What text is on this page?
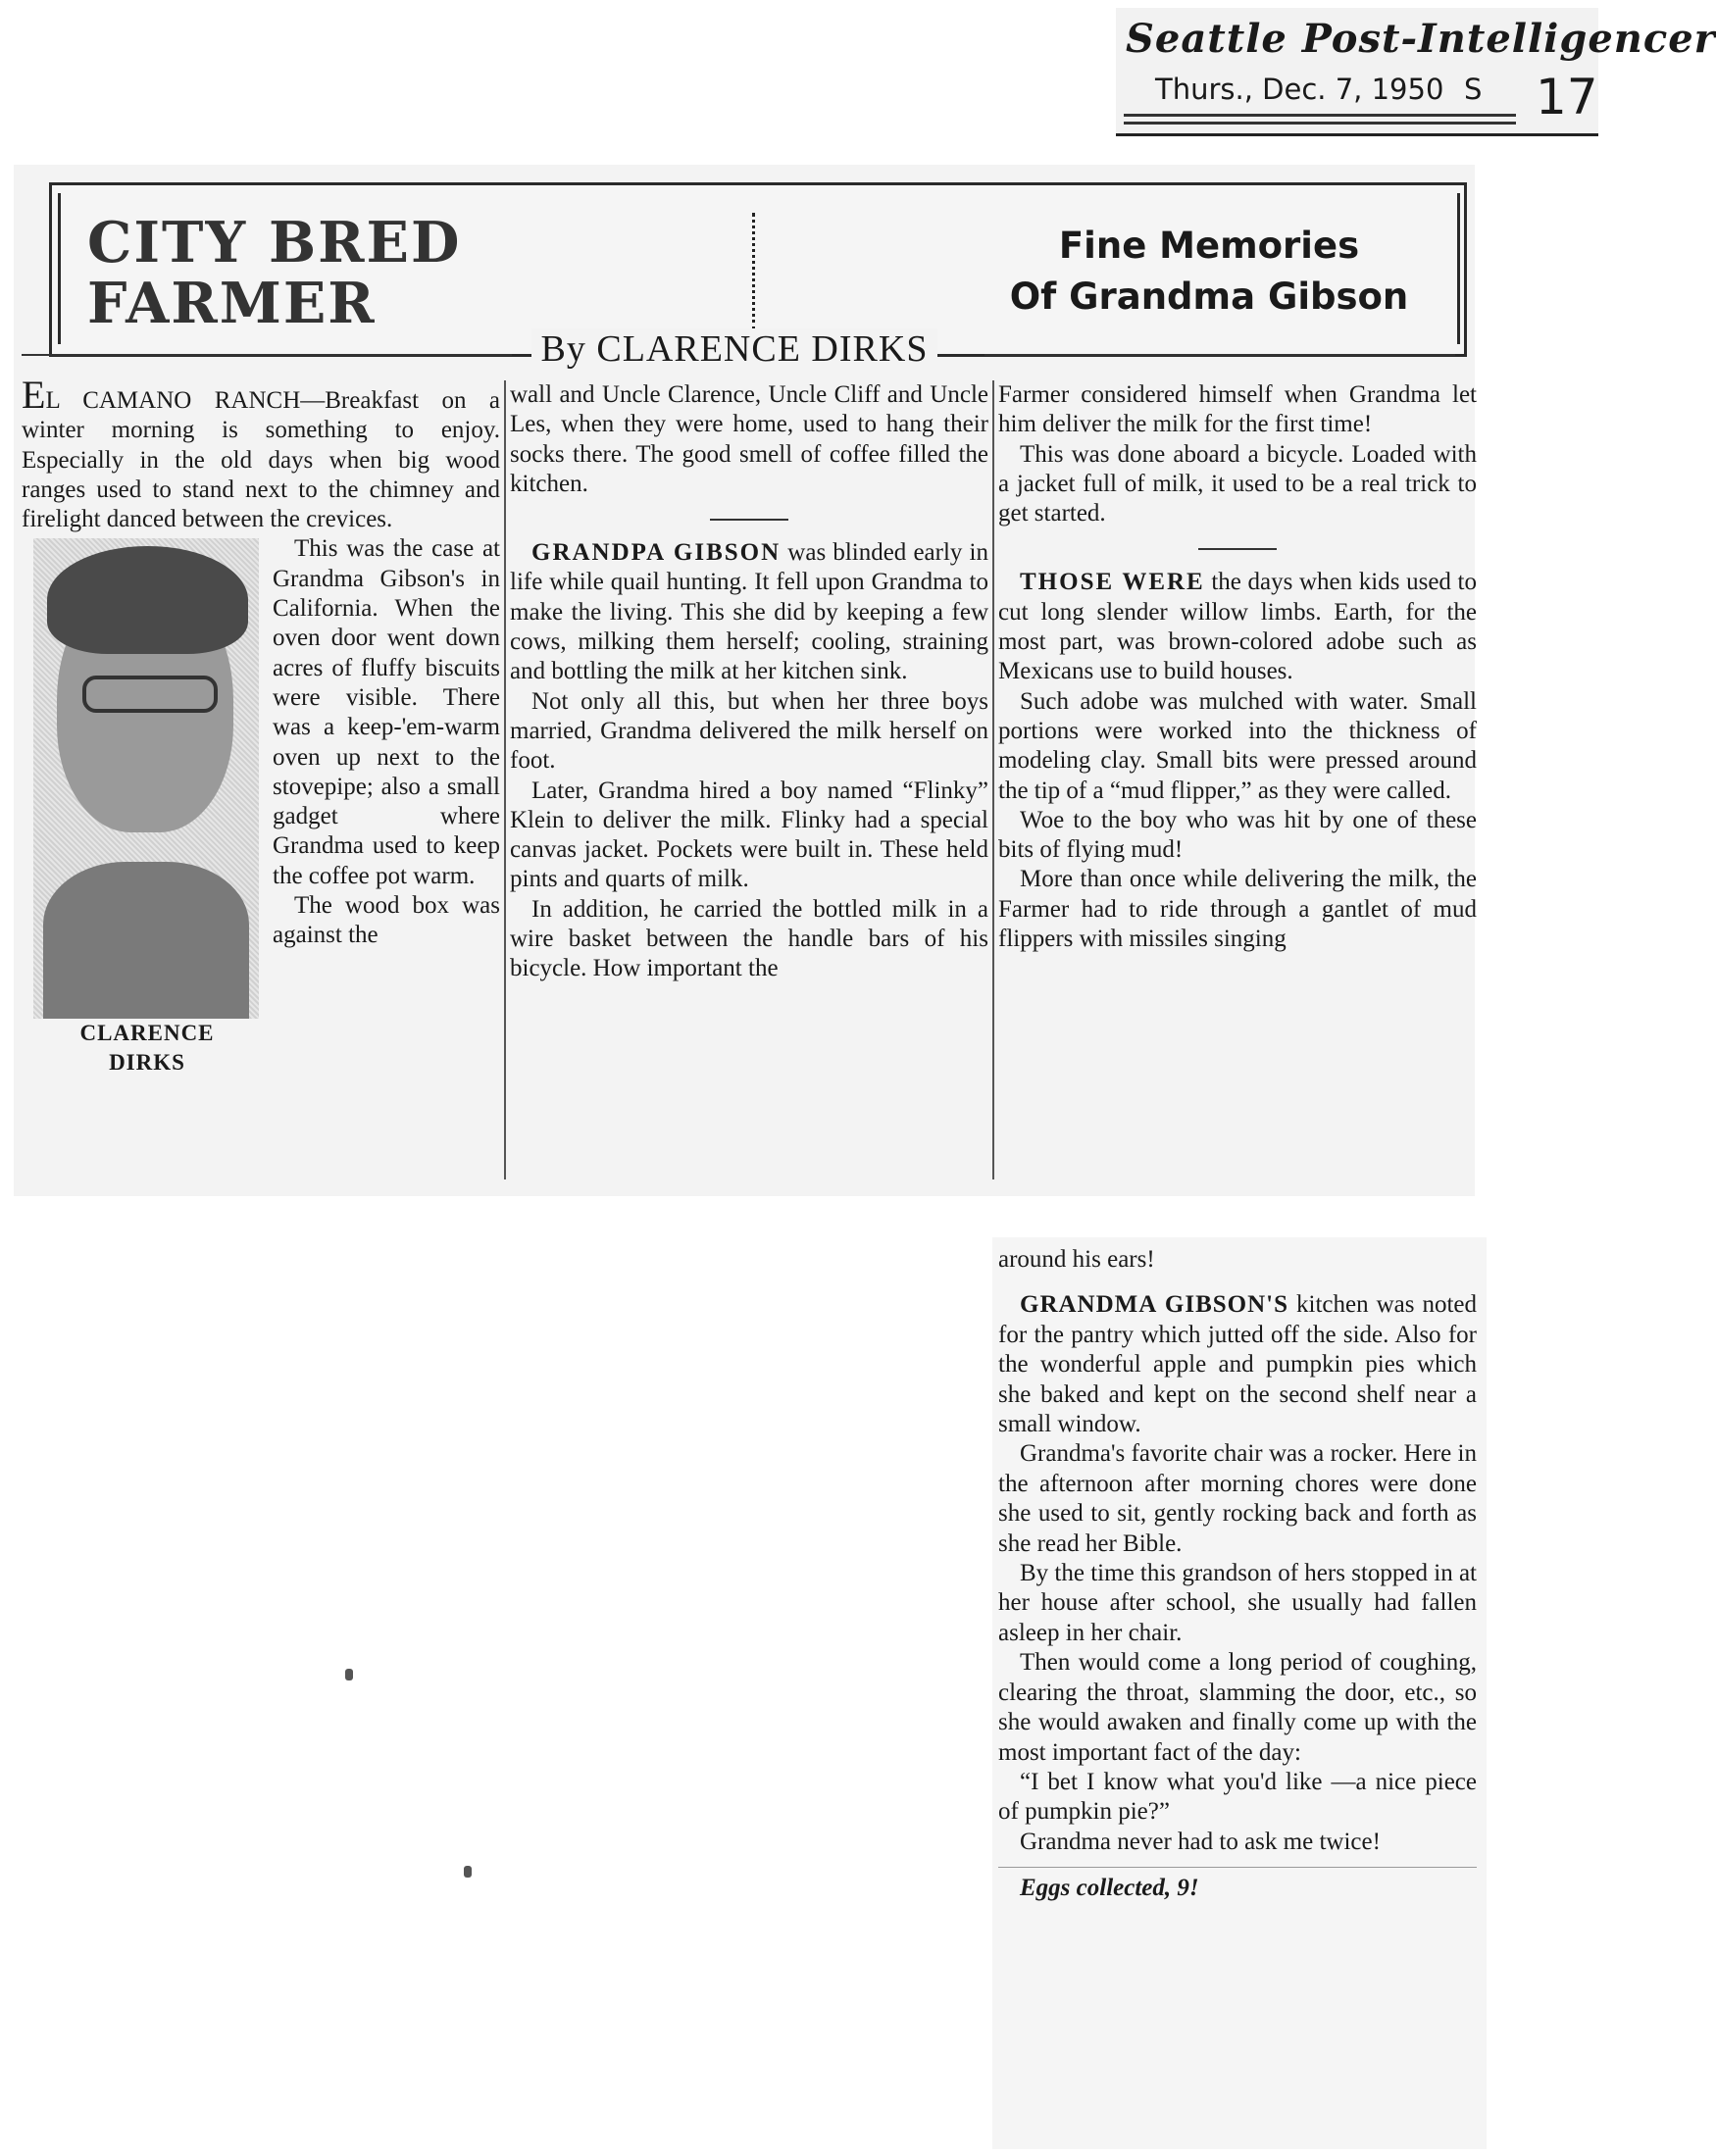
Seattle Post-Intelligencer
Thurs., Dec. 7, 1950 S 17
CITY BRED
FARMER
Fine Memories
Of Grandma Gibson
By CLARENCE DIRKS

EL CAMANO RANCH—Breakfast on a winter morning is something to enjoy. Especially in the old days when big wood ranges used to stand next to the chimney and firelight danced between the crevices.

CLARENCE
DIRKS

This was the case at Grandma Gibson's in California. When the oven door went down acres of fluffy biscuits were visible. There was a keep-'em-warm oven up next to the stovepipe; also a small gadget where Grandma used to keep the coffee pot warm.

The wood box was against the

wall and Uncle Clarence, Uncle Cliff and Uncle Les, when they were home, used to hang their socks there. The good smell of coffee filled the kitchen.

GRANDPA GIBSON was blinded early in life while quail hunting. It fell upon Grandma to make the living. This she did by keeping a few cows, milking them herself; cooling, straining and bottling the milk at her kitchen sink.

Not only all this, but when her three boys married, Grandma delivered the milk herself on foot.

Later, Grandma hired a boy named “Flinky” Klein to deliver the milk. Flinky had a special canvas jacket. Pockets were built in. These held pints and quarts of milk.

In addition, he carried the bottled milk in a wire basket between the handle bars of his bicycle. How important the

Farmer considered himself when Grandma let him deliver the milk for the first time!

This was done aboard a bicycle. Loaded with a jacket full of milk, it used to be a real trick to get started.

THOSE WERE the days when kids used to cut long slender willow limbs. Earth, for the most part, was brown-colored adobe such as Mexicans use to build houses.

Such adobe was mulched with water. Small portions were worked into the thickness of modeling clay. Small bits were pressed around the tip of a “mud flipper,” as they were called.

Woe to the boy who was hit by one of these bits of flying mud!

More than once while delivering the milk, the Farmer had to ride through a gantlet of mud flippers with missiles singing

around his ears!

GRANDMA GIBSON'S kitchen was noted for the pantry which jutted off the side. Also for the wonderful apple and pumpkin pies which she baked and kept on the second shelf near a small window.

Grandma's favorite chair was a rocker. Here in the afternoon after morning chores were done she used to sit, gently rocking back and forth as she read her Bible.

By the time this grandson of hers stopped in at her house after school, she usually had fallen asleep in her chair.

Then would come a long period of coughing, clearing the throat, slamming the door, etc., so she would awaken and finally come up with the most important fact of the day:

“I bet I know what you'd like —a nice piece of pumpkin pie?”

Grandma never had to ask me twice!

Eggs collected, 9!
